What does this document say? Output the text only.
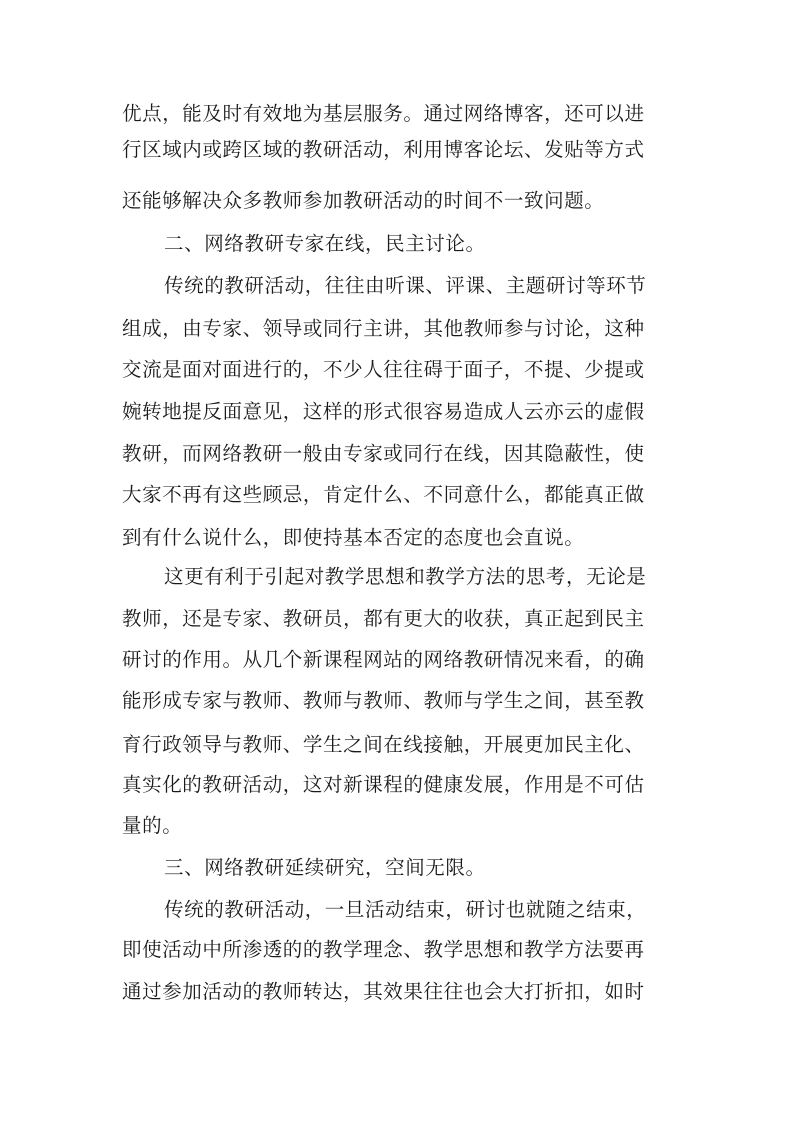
优点，能及时有效地为基层服务。通过网络博客，还可以进
行区域内或跨区域的教研活动，利用博客论坛、发贴等方式
还能够解决众多教师参加教研活动的时间不一致问题。
二、网络教研专家在线，民主讨论。
传统的教研活动，往往由听课、评课、主题研讨等环节
组成，由专家、领导或同行主讲，其他教师参与讨论，这种
交流是面对面进行的，不少人往往碍于面子，不提、少提或
婉转地提反面意见，这样的形式很容易造成人云亦云的虚假
教研，而网络教研一般由专家或同行在线，因其隐蔽性，使
大家不再有这些顾忌，肯定什么、不同意什么，都能真正做
到有什么说什么，即使持基本否定的态度也会直说。
这更有利于引起对教学思想和教学方法的思考，无论是
教师，还是专家、教研员，都有更大的收获，真正起到民主
研讨的作用。从几个新课程网站的网络教研情况来看，的确
能形成专家与教师、教师与教师、教师与学生之间，甚至教
育行政领导与教师、学生之间在线接触，开展更加民主化、
真实化的教研活动，这对新课程的健康发展，作用是不可估
量的。
三、网络教研延续研究，空间无限。
传统的教研活动，一旦活动结束，研讨也就随之结束，
即使活动中所渗透的的教学理念、教学思想和教学方法要再
通过参加活动的教师转达，其效果往往也会大打折扣，如时
